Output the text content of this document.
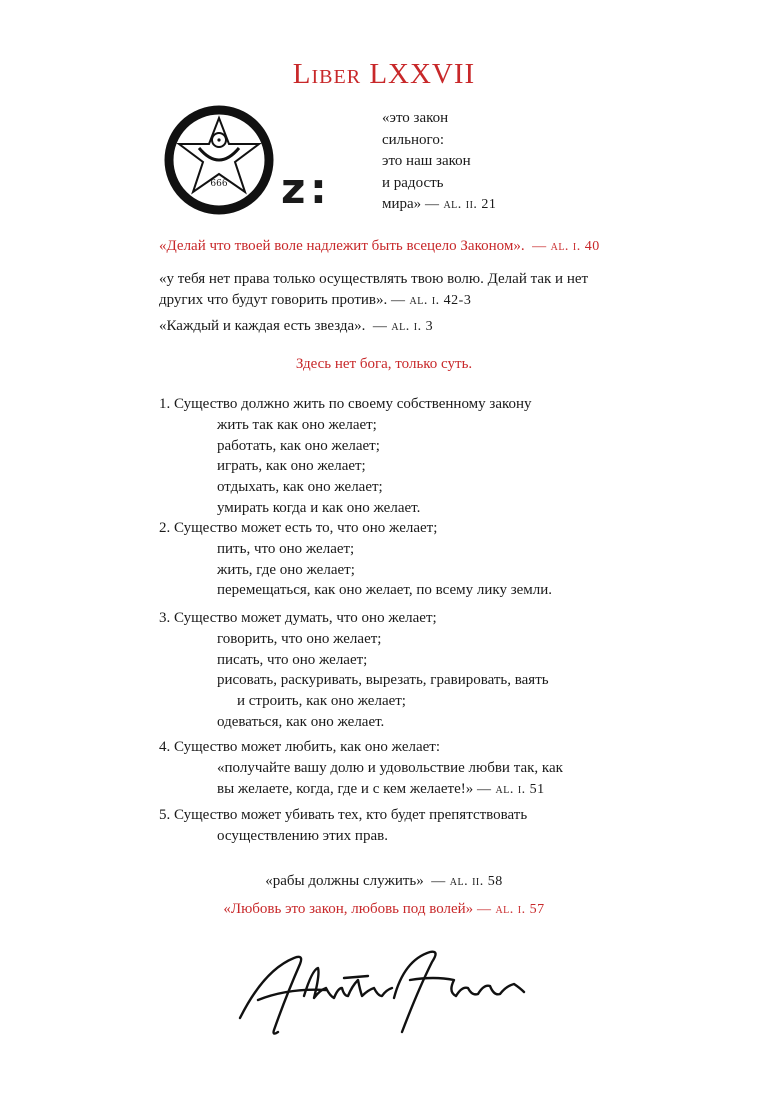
Liber LXXVII
666 z :
«это закон
сильного:
это наш закон
и радость
мира» — al. ii. 21
«Делай что твоей воле надлежит быть всецело Законом». — al. i. 40
«у тебя нет права только осуществлять твою волю. Делай так и нет
других что будут говорить против». — al. i. 42-3
«Каждый и каждая есть звезда». — al. i. 3
Здесь нет бога, только суть.
1. Существо должно жить по своему собственному закону
жить так как оно желает;
работать, как оно желает;
играть, как оно желает;
отдыхать, как оно желает;
умирать когда и как оно желает.
2. Существо может есть то, что оно желает;
пить, что оно желает;
жить, где оно желает;
перемещаться, как оно желает, по всему лику земли.
3. Существо может думать, что оно желает;
говорить, что оно желает;
писать, что оно желает;
рисовать, раскуривать, вырезать, гравировать, ваять
и строить, как оно желает;
одеваться, как оно желает.
4. Существо может любить, как оно желает:
«получайте вашу долю и удовольствие любви так, как
вы желаете, когда, где и с кем желаете!» — al. i. 51
5. Существо может убивать тех, кто будет препятствовать
осуществлению этих прав.
«рабы должны служить» — al. ii. 58
«Любовь это закон, любовь под волей» — al. i. 57
